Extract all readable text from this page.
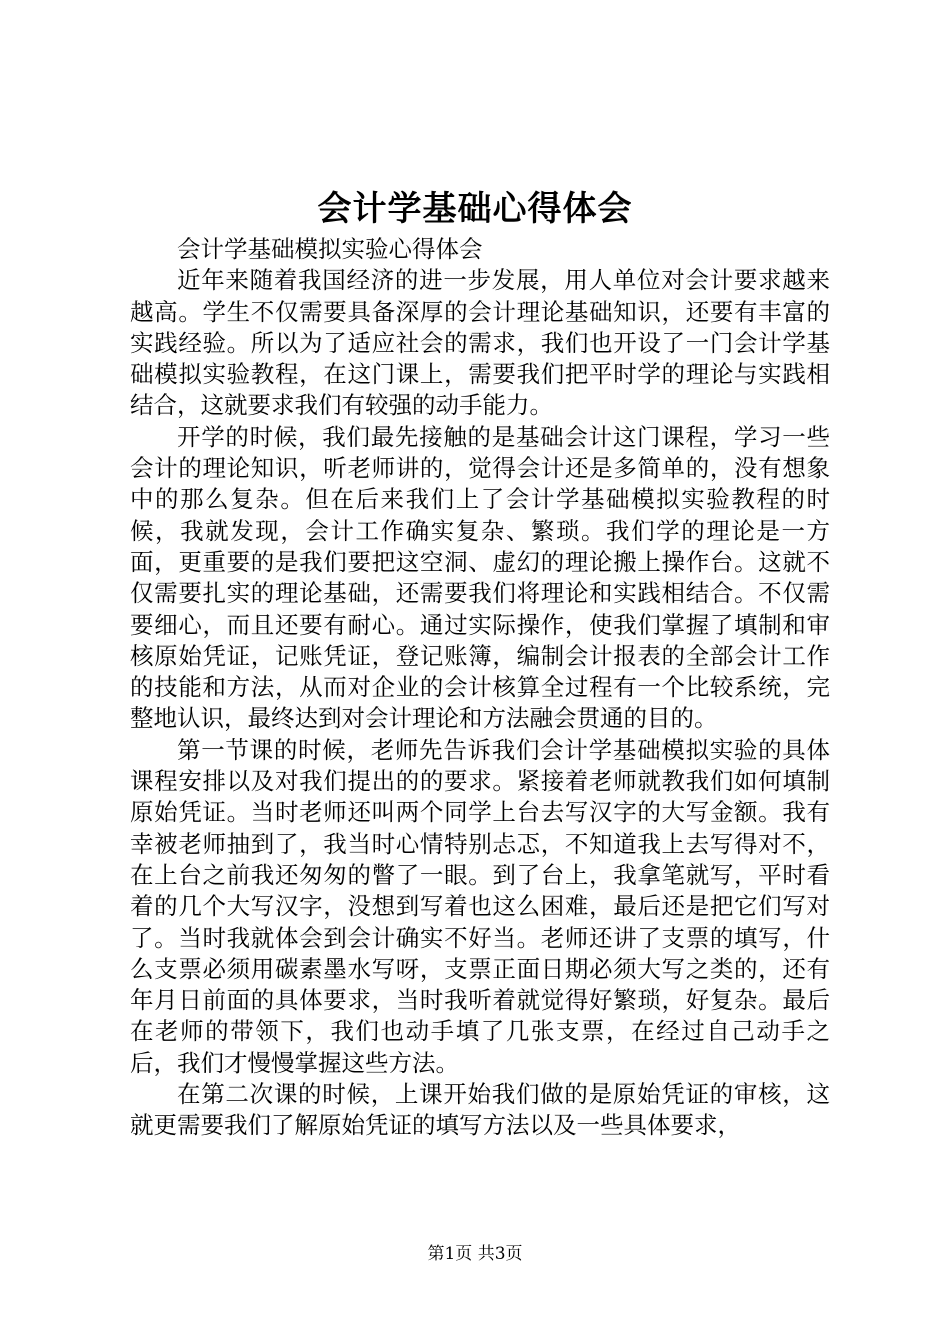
会计学基础心得体会

会计学基础模拟实验心得体会

近年来随着我国经济的进一步发展，用人单位对会计要求越来越高。学生不仅需要具备深厚的会计理论基础知识，还要有丰富的实践经验。所以为了适应社会的需求，我们也开设了一门会计学基础模拟实验教程，在这门课上，需要我们把平时学的理论与实践相结合，这就要求我们有较强的动手能力。

开学的时候，我们最先接触的是基础会计这门课程，学习一些会计的理论知识，听老师讲的，觉得会计还是多简单的，没有想象中的那么复杂。但在后来我们上了会计学基础模拟实验教程的时候，我就发现，会计工作确实复杂、繁琐。我们学的理论是一方面，更重要的是我们要把这空洞、虚幻的理论搬上操作台。这就不仅需要扎实的理论基础，还需要我们将理论和实践相结合。不仅需要细心，而且还要有耐心。通过实际操作，使我们掌握了填制和审核原始凭证，记账凭证，登记账簿，编制会计报表的全部会计工作的技能和方法，从而对企业的会计核算全过程有一个比较系统，完整地认识，最终达到对会计理论和方法融会贯通的目的。

第一节课的时候，老师先告诉我们会计学基础模拟实验的具体课程安排以及对我们提出的的要求。紧接着老师就教我们如何填制原始凭证。当时老师还叫两个同学上台去写汉字的大写金额。我有幸被老师抽到了，我当时心情特别忐忑，不知道我上去写得对不，在上台之前我还匆匆的瞥了一眼。到了台上，我拿笔就写，平时看着的几个大写汉字，没想到写着也这么困难，最后还是把它们写对了。当时我就体会到会计确实不好当。老师还讲了支票的填写，什么支票必须用碳素墨水写呀，支票正面日期必须大写之类的，还有年月日前面的具体要求，当时我听着就觉得好繁琐，好复杂。最后在老师的带领下，我们也动手填了几张支票，在经过自己动手之后，我们才慢慢掌握这些方法。

在第二次课的时候，上课开始我们做的是原始凭证的审核，这就更需要我们了解原始凭证的填写方法以及一些具体要求，

第1页 共3页
